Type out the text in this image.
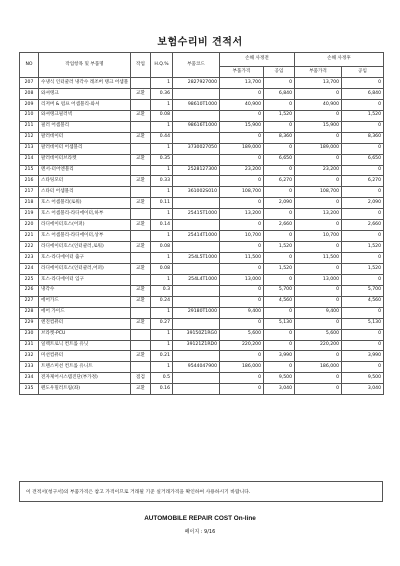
보험수리비 견적서
NO	작업항목 및 부품명	작업	H.Q.%	부품코드	손해 사정전		손해 사정후	
					부품가격	공임	부품가격	공임
207	수냉식 인터쿨러 냉각수 레조버 탱크 어셈블		1	2827927000	13,700	0	13,700	0
208	와셔탱크	교환	0.36		0	6,840	0	6,840
209	리저버 & 펌프 어셈블리-와셔		1	98610T1000	40,900	0	40,900	0
210	와셔탱크필러넥	교환	0.08		0	1,520	0	1,520
211	필러 어셈블리		1	98616T1000	15,900	0	15,900	0
212	팔러데이터	교환	0.44		0	8,360	0	8,360
213	팔러데이터 어셈블리		1	3730027050	189,000	0	189,000	0
214	팔러데이터브라켓	교환	0.35		0	6,650	0	6,650
215	멘서-터어엔블리		1	2528127300	23,200	0	23,200	0
216	스타팅모터	교환	0.33		0	6,270	0	6,270
217	스타터 어셈블리		1	361002S010	108,700	0	108,700	0
218	호스 어셈블리(로워)	교환	0.11		0	2,090	0	2,090
219	호스 어셈블리-라디에이터,하부		1	25415T1000	13,200	0	13,200	0
220	라디에이터호스(어퍼)	교환	0.14		0	2,660	0	2,660
221	호스 어셈블리-라디에이터,상부		1	25414T1000	10,700	0	10,700	0
222	라디에이터호스(인터쿨러,로워)	교환	0.08		0	1,520	0	1,520
223	호스-라디에이터 출구		1	254L5T1000	11,500	0	11,500	0
224	라디에이터호스(인터쿨러,어퍼)	교환	0.08		0	1,520	0	1,520
225	호스-라디에이터 입구		1	254L4T1000	13,000	0	13,000	0
226	냉각수	교환	0.3		0	5,700	0	5,700
227	에어가드	교환	0.24		0	4,560	0	4,560
228	에어 가이드		1	29180T1000	9,400	0	9,400	0
229	엔진컴퓨터	교환	0.27		0	5,130	0	5,130
230	브라켓-PCU		1	39150Z1RG0	5,600	0	5,600	0
231	일렉트로닉 컨트롤 유닛		1	39121Z1RD0	220,200	0	220,200	0
232	미션컴퓨터	교환	0.21		0	3,990	0	3,990
233	트랜스미션 컨트롤 유니트		1	9544047900	186,000	0	186,000	0
234	전자제어시스템진단(부가정)	점검	0.5		0	9,500	0	9,500
235	펜도우밀러트림(좌)	교환	0.16		0	3,040	0	3,040
이 견적서(청구서)의 부품가격은 참고 가격이므로 거래될 기준 실거래가격을 확인하여 사용하시기 바랍니다.
AUTOMOBILE REPAIR COST On-line
페이지 : 9/16
